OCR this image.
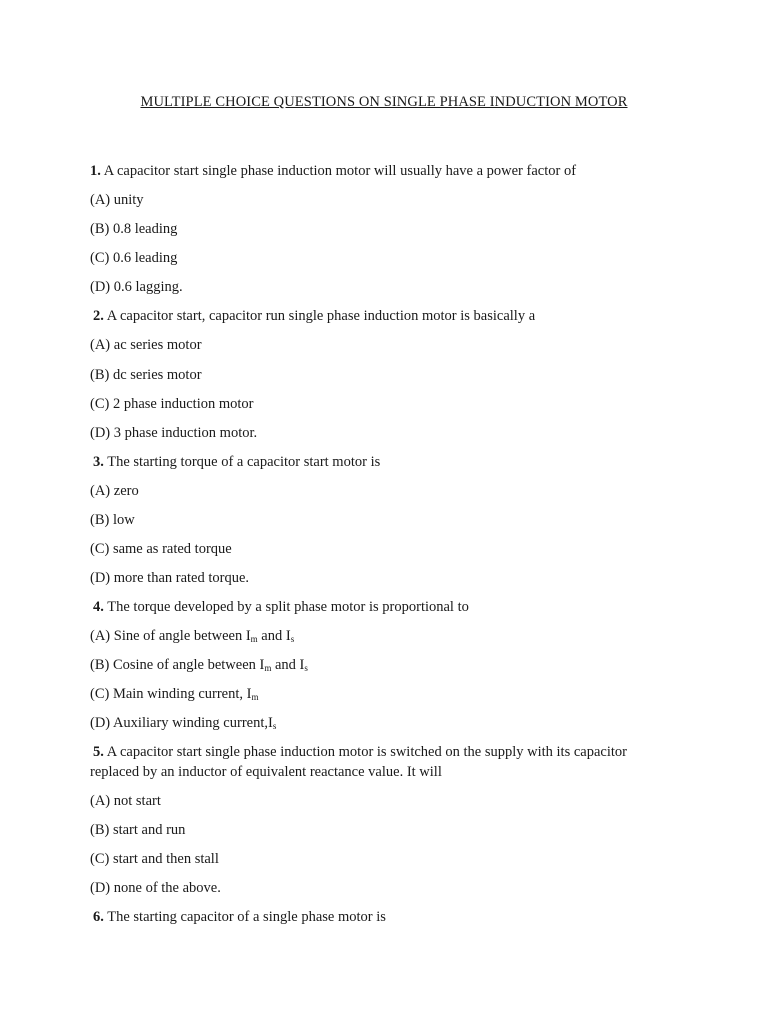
MULTIPLE CHOICE QUESTIONS ON SINGLE PHASE INDUCTION MOTOR
1. A capacitor start single phase induction motor will usually have a power factor of
(A) unity
(B) 0.8 leading
(C) 0.6 leading
(D) 0.6 lagging.
2. A capacitor start, capacitor run single phase induction motor is basically a
(A) ac series motor
(B) dc series motor
(C) 2 phase induction motor
(D) 3 phase induction motor.
3. The starting torque of a capacitor start motor is
(A) zero
(B) low
(C) same as rated torque
(D) more than rated torque.
4. The torque developed by a split phase motor is proportional to
(A) Sine of angle between $I_m$ and $I_s$
(B) Cosine of angle between $I_m$ and $I_s$
(C) Main winding current, $I_m$
(D) Auxiliary winding $current,I_s$
5. A capacitor start single phase induction motor is switched on the supply with its capacitor
replaced by an inductor of equivalent reactance value. It will
(A) not start
(B) start and run
(C) start and then stall
(D) none of the above.
6. The starting capacitor of a single phase motor is
